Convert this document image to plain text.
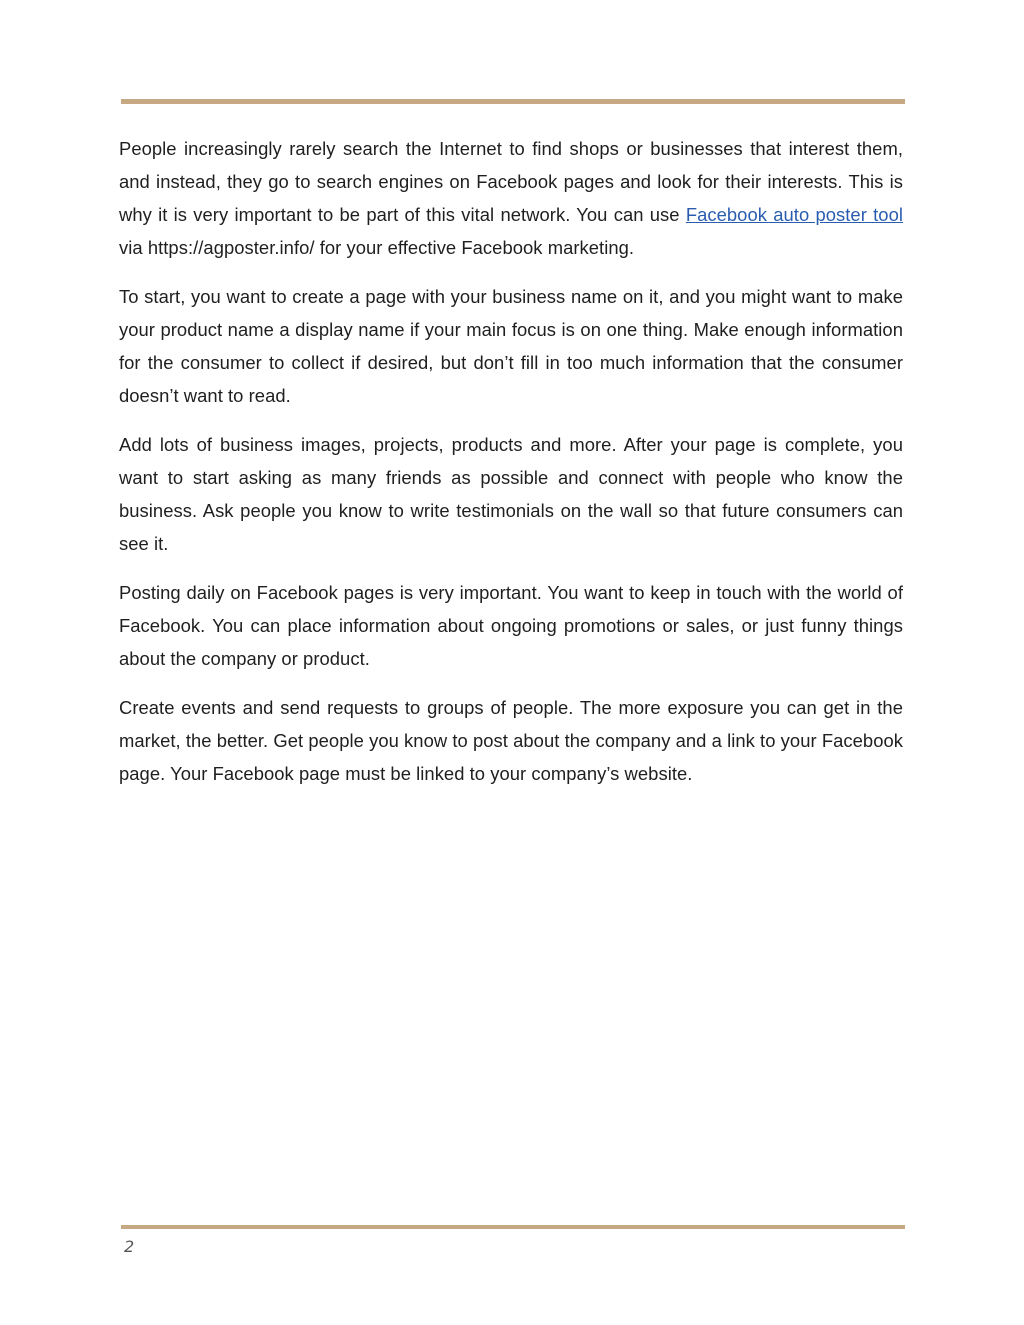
People increasingly rarely search the Internet to find shops or businesses that interest them, and instead, they go to search engines on Facebook pages and look for their interests. This is why it is very important to be part of this vital network. You can use Facebook auto poster tool via https://agposter.info/ for your effective Facebook marketing.

To start, you want to create a page with your business name on it, and you might want to make your product name a display name if your main focus is on one thing. Make enough information for the consumer to collect if desired, but don’t fill in too much information that the consumer doesn’t want to read.

Add lots of business images, projects, products and more. After your page is complete, you want to start asking as many friends as possible and connect with people who know the business. Ask people you know to write testimonials on the wall so that future consumers can see it.

Posting daily on Facebook pages is very important. You want to keep in touch with the world of Facebook. You can place information about ongoing promotions or sales, or just funny things about the company or product.

Create events and send requests to groups of people. The more exposure you can get in the market, the better. Get people you know to post about the company and a link to your Facebook page. Your Facebook page must be linked to your company’s website.

2
